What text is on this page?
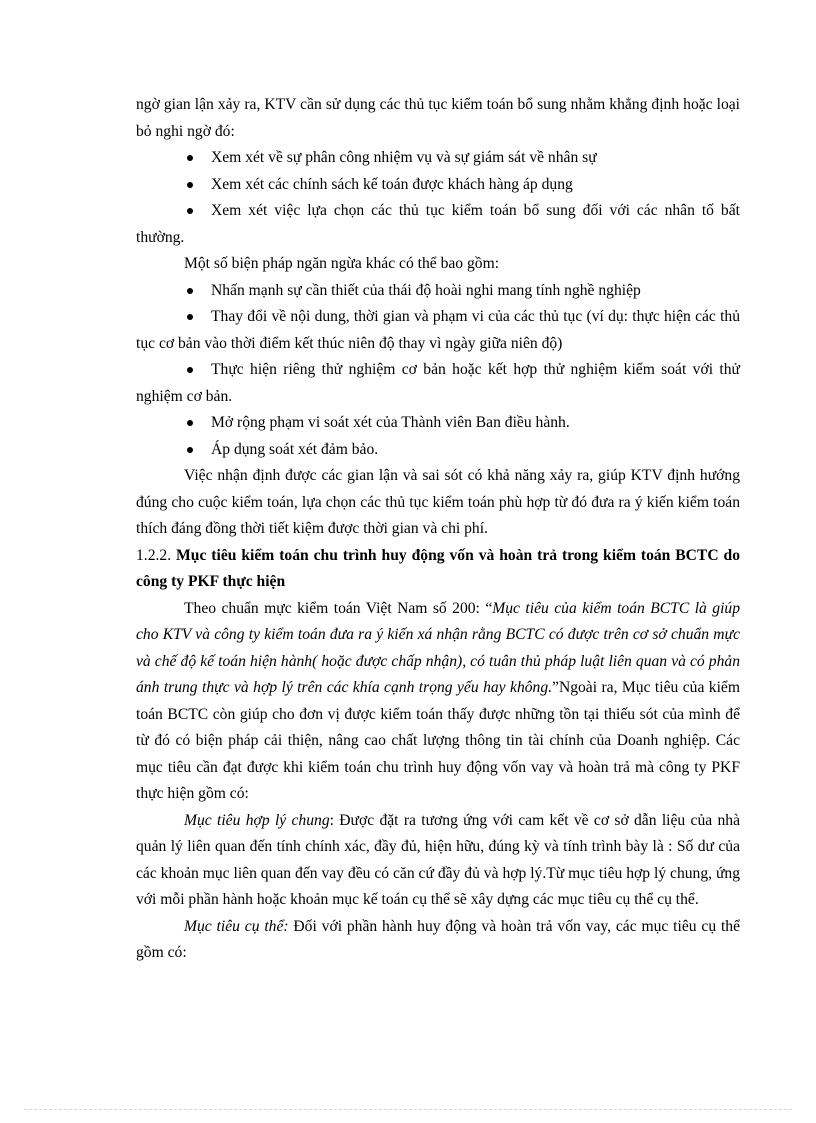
ngờ gian lận xảy ra, KTV cần sử dụng các thủ tục kiểm toán bổ sung nhằm khẳng định hoặc loại bỏ nghi ngờ đó:

Xem xét về sự phân công nhiệm vụ và sự giám sát về nhân sự

Xem xét các chính sách kế toán được khách hàng áp dụng

Xem xét việc lựa chọn các thủ tục kiểm toán bổ sung đối với các nhân tố bất thường.

Một số biện pháp ngăn ngừa khác có thể bao gồm:

Nhấn mạnh sự cần thiết của thái độ hoài nghi mang tính nghề nghiệp

Thay đổi về nội dung, thời gian và phạm vi của các thủ tục (ví dụ: thực hiện các thủ tục cơ bản vào thời điểm kết thúc niên độ thay vì ngày giữa niên độ)

Thực hiện riêng thử nghiệm cơ bản hoặc kết hợp thử nghiệm kiểm soát với thử nghiệm cơ bản.

Mở rộng phạm vi soát xét của Thành viên Ban điều hành.

Áp dụng soát xét đảm bảo.

Việc nhận định được các gian lận và sai sót có khả năng xảy ra, giúp KTV định hướng đúng cho cuộc kiểm toán, lựa chọn các thủ tục kiểm toán phù hợp từ đó đưa ra ý kiến kiểm toán thích đáng đồng thời tiết kiệm được thời gian và chi phí.

1.2.2. Mục tiêu kiểm toán chu trình huy động vốn và hoàn trả trong kiểm toán BCTC do công ty PKF thực hiện

Theo chuẩn mực kiểm toán Việt Nam số 200: “Mục tiêu của kiểm toán BCTC là giúp cho KTV và công ty kiểm toán đưa ra ý kiến xá nhận rằng BCTC có được trên cơ sở chuẩn mực và chế độ kế toán hiện hành( hoặc được chấp nhận), có tuân thủ pháp luật liên quan và có phản ánh trung thực và hợp lý trên các khía cạnh trọng yếu hay không.”Ngoài ra, Mục tiêu của kiểm toán BCTC còn giúp cho đơn vị được kiểm toán thấy được những tồn tại thiếu sót của mình để từ đó có biện pháp cải thiện, nâng cao chất lượng thông tin tài chính của Doanh nghiệp. Các mục tiêu cần đạt được khi kiểm toán chu trình huy động vốn vay và hoàn trả mà công ty PKF thực hiện gồm có:

Mục tiêu hợp lý chung: Được đặt ra tương ứng với cam kết về cơ sở dẫn liệu của nhà quản lý liên quan đến tính chính xác, đầy đủ, hiện hữu, đúng kỳ và tính trình bày là : Số dư của các khoản mục liên quan đến vay đều có căn cứ đầy đủ và hợp lý.Từ mục tiêu hợp lý chung, ứng với mỗi phần hành hoặc khoản mục kế toán cụ thể sẽ xây dựng các mục tiêu cụ thể cụ thể.

Mục tiêu cụ thể: Đối với phần hành huy động và hoàn trả vốn vay, các mục tiêu cụ thể gồm có:
